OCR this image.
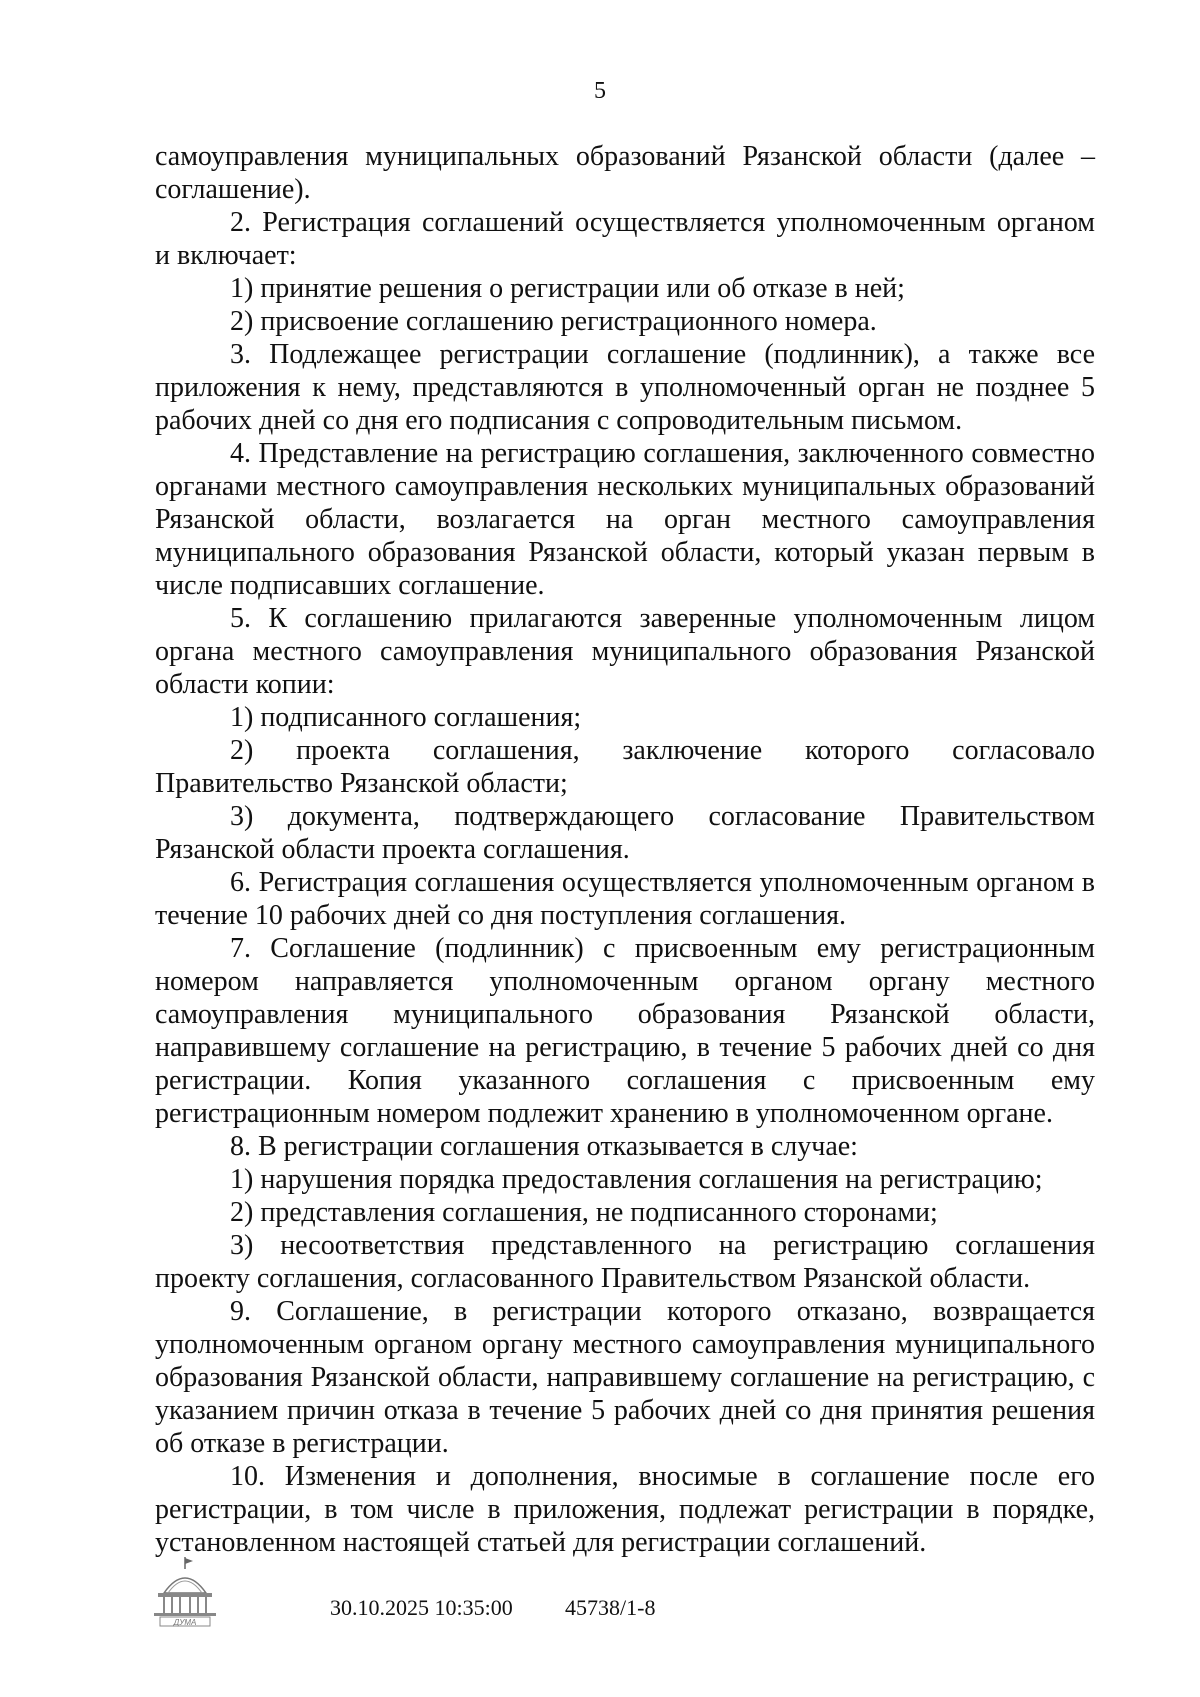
5

самоуправления муниципальных образований Рязанской области (далее – соглашение).

2. Регистрация соглашений осуществляется уполномоченным органом и включает:

1) принятие решения о регистрации или об отказе в ней;

2) присвоение соглашению регистрационного номера.

3. Подлежащее регистрации соглашение (подлинник), а также все приложения к нему, представляются в уполномоченный орган не позднее 5 рабочих дней со дня его подписания с сопроводительным письмом.

4. Представление на регистрацию соглашения, заключенного совместно органами местного самоуправления нескольких муниципальных образований Рязанской области, возлагается на орган местного самоуправления муниципального образования Рязанской области, который указан первым в числе подписавших соглашение.

5. К соглашению прилагаются заверенные уполномоченным лицом органа местного самоуправления муниципального образования Рязанской области копии:

1) подписанного соглашения;

2) проекта соглашения, заключение которого согласовало Правительство Рязанской области;

3) документа, подтверждающего согласование Правительством Рязанской области проекта соглашения.

6. Регистрация соглашения осуществляется уполномоченным органом в течение 10 рабочих дней со дня поступления соглашения.

7. Соглашение (подлинник) с присвоенным ему регистрационным номером направляется уполномоченным органом органу местного самоуправления муниципального образования Рязанской области, направившему соглашение на регистрацию, в течение 5 рабочих дней со дня регистрации. Копия указанного соглашения с присвоенным ему регистрационным номером подлежит хранению в уполномоченном органе.

8. В регистрации соглашения отказывается в случае:

1) нарушения порядка предоставления соглашения на регистрацию;

2) представления соглашения, не подписанного сторонами;

3) несоответствия представленного на регистрацию соглашения проекту соглашения, согласованного Правительством Рязанской области.

9. Соглашение, в регистрации которого отказано, возвращается уполномоченным органом органу местного самоуправления муниципального образования Рязанской области, направившему соглашение на регистрацию, с указанием причин отказа в течение 5 рабочих дней со дня принятия решения об отказе в регистрации.

10. Изменения и дополнения, вносимые в соглашение после его регистрации, в том числе в приложения, подлежат регистрации в порядке, установленном настоящей статьей для регистрации соглашений.

ДУМА
30.10.2025 10:35:00 45738/1-8
